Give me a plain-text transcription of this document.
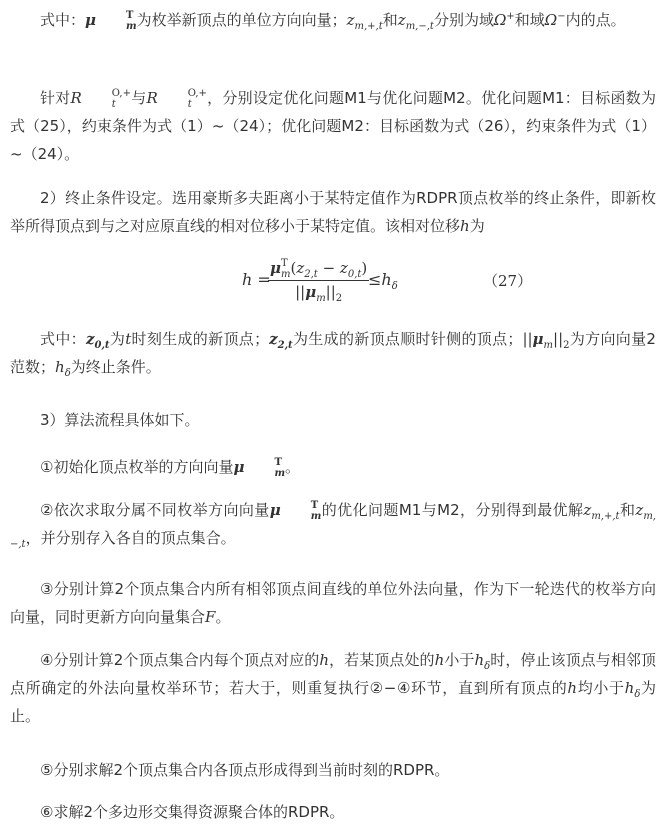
式中：μ	T
m 为枚举新顶点的单位方向向量；$z_{m,+,t}$和$z_{m,-,t}$分别为域Ω+和域Ω−内的点。

针对R	O,+
t	与R	O,+
t	，分别设定优化问题M1与优化问题M2。优化问题M1：目标函数为式（25），约束条件为式（1）~（24）；优化问题M2：目标函数为式（26），约束条件为式（1）~（24）。

2）终止条件设定。选用豪斯多夫距离小于某特定值作为RDPR顶点枚举的终止条件，即新枚举所得顶点到与之对应原直线的相对位移小于某特定值。该相对位移h为

h =
μ T
m $(z_{2,t} - z_{0,t})$
$||\mu_m||_2$
$\le h_\delta$	（27）

式中：$z_{0,t}$为t时刻生成的新顶点；$z_{2,t}$为生成的新顶点顺时针侧的顶点；$||\mu_m||_2$为方向向量2范数；$h_\delta$为终止条件。

3）算法流程具体如下。

①初始化顶点枚举的方向向量μ	T
m 。

②依次求取分属不同枚举方向向量μ	T
m 的优化问题M1与M2，分别得到最优解$z_{m,+,t}$和$z_{m,-,t}$，并分别存入各自的顶点集合。

③分别计算2个顶点集合内所有相邻顶点间直线的单位外法向量，作为下一轮迭代的枚举方向向量，同时更新方向向量集合F。

④分别计算2个顶点集合内每个顶点对应的h，若某顶点处的h小于$h_\delta$时，停止该顶点与相邻顶点所确定的外法向量枚举环节；若大于，则重复执行②−④环节，直到所有顶点的h均小于$h_\delta$为止。

⑤分别求解2个顶点集合内各顶点形成得到当前时刻的RDPR。

⑥求解2个多边形交集得资源聚合体的RDPR。
